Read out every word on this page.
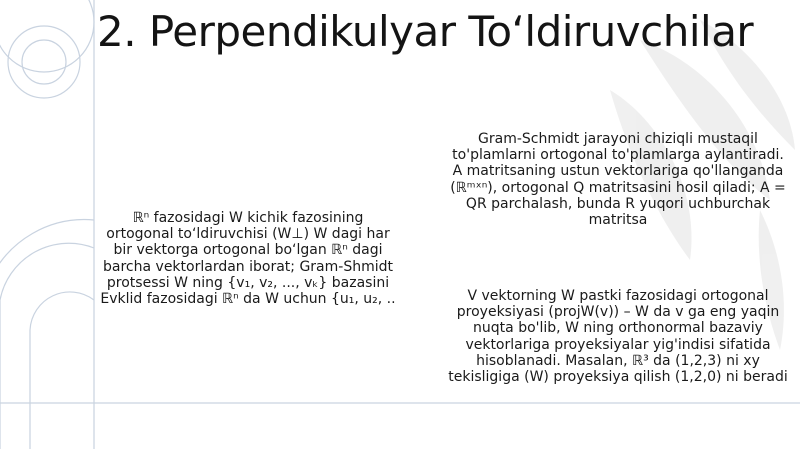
2. Perpendikulyar To‘ldiruvchilar
ℝⁿ fazosidagi W kichik fazosining ortogonal to‘ldiruvchisi (W⊥) W dagi har bir vektorga ortogonal bo‘lgan ℝⁿ dagi barcha vektorlardan iborat; Gram-Shmidt protsessi W ning {v₁, v₂, ..., vₖ} bazasini Evklid fazosidagi ℝⁿ da W uchun {u₁, u₂, ..
Gram-Schmidt jarayoni chiziqli mustaqil to'plamlarni ortogonal to'plamlarga aylantiradi. A matritsaning ustun vektorlariga qo'llanganda (ℝᵐˣⁿ), ortogonal Q matritsasini hosil qiladi; A = QR parchalash, bunda R yuqori uchburchak matritsa
V vektorning W pastki fazosidagi ortogonal proyeksiyasi (projW(v)) – W da v ga eng yaqin nuqta bo'lib, W ning orthonormal bazaviy vektorlariga proyeksiyalar yig'indisi sifatida hisoblanadi. Masalan, ℝ³ da (1,2,3) ni xy tekisligiga (W) proyeksiya qilish (1,2,0) ni beradi
